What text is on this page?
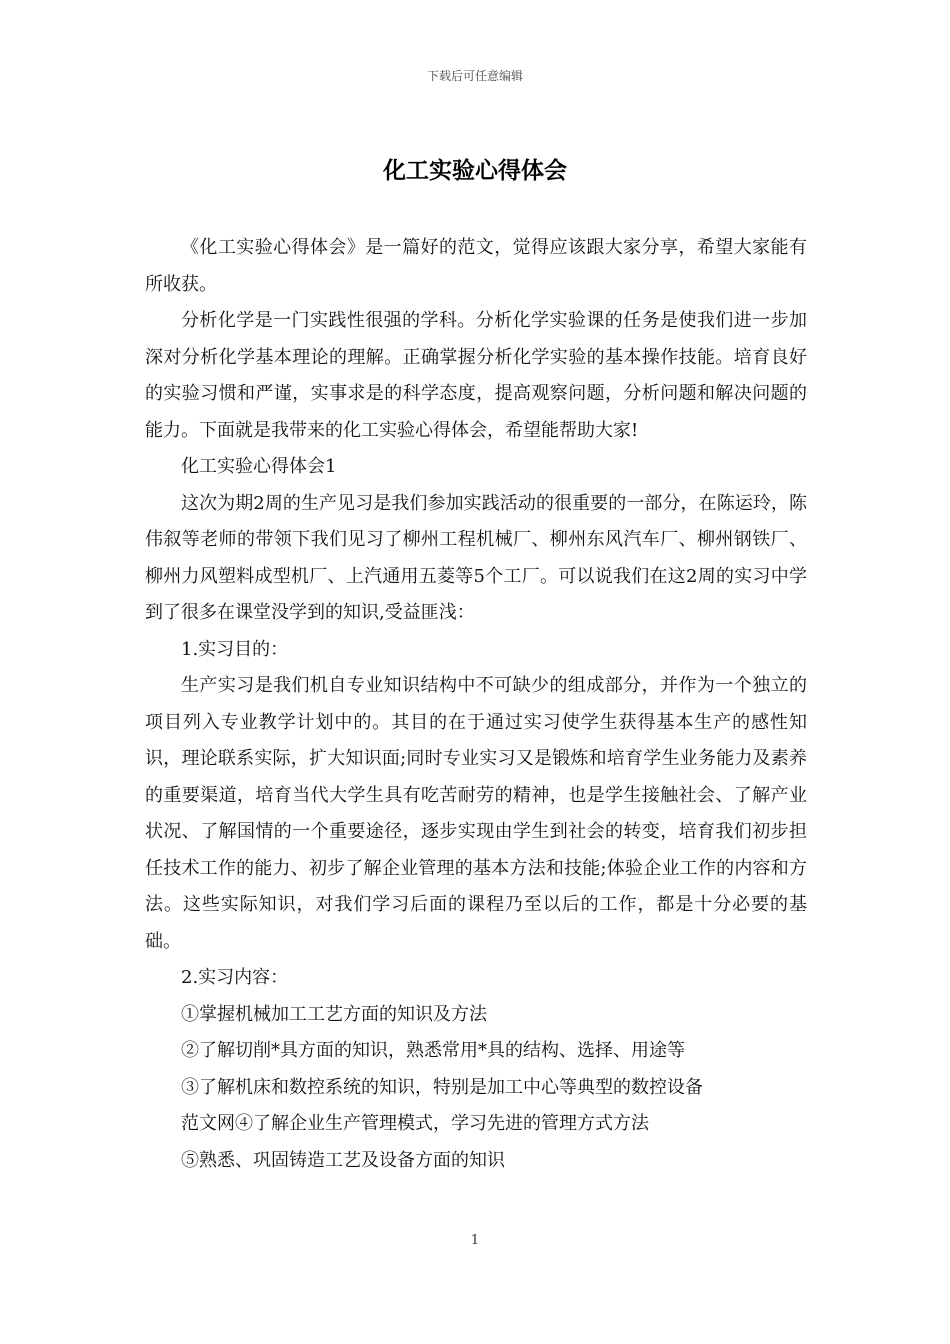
下载后可任意编辑
化工实验心得体会

《化工实验心得体会》是一篇好的范文，觉得应该跟大家分享，希望大家能有所收获。

分析化学是一门实践性很强的学科。分析化学实验课的任务是使我们进一步加深对分析化学基本理论的理解。正确掌握分析化学实验的基本操作技能。培育良好的实验习惯和严谨，实事求是的科学态度，提高观察问题，分析问题和解决问题的能力。下面就是我带来的化工实验心得体会，希望能帮助大家!

化工实验心得体会1

这次为期2周的生产见习是我们参加实践活动的很重要的一部分，在陈运玲，陈伟叙等老师的带领下我们见习了柳州工程机械厂、柳州东风汽车厂、柳州钢铁厂、柳州力风塑料成型机厂、上汽通用五菱等5个工厂。可以说我们在这2周的实习中学到了很多在课堂没学到的知识,受益匪浅：

1.实习目的：

生产实习是我们机自专业知识结构中不可缺少的组成部分，并作为一个独立的项目列入专业教学计划中的。其目的在于通过实习使学生获得基本生产的感性知识，理论联系实际，扩大知识面;同时专业实习又是锻炼和培育学生业务能力及素养的重要渠道，培育当代大学生具有吃苦耐劳的精神，也是学生接触社会、了解产业状况、了解国情的一个重要途径，逐步实现由学生到社会的转变，培育我们初步担任技术工作的能力、初步了解企业管理的基本方法和技能;体验企业工作的内容和方法。这些实际知识，对我们学习后面的课程乃至以后的工作，都是十分必要的基础。

2.实习内容：

①掌握机械加工工艺方面的知识及方法

②了解切削*具方面的知识，熟悉常用*具的结构、选择、用途等

③了解机床和数控系统的知识，特别是加工中心等典型的数控设备

范文网④了解企业生产管理模式，学习先进的管理方式方法

⑤熟悉、巩固铸造工艺及设备方面的知识

1
